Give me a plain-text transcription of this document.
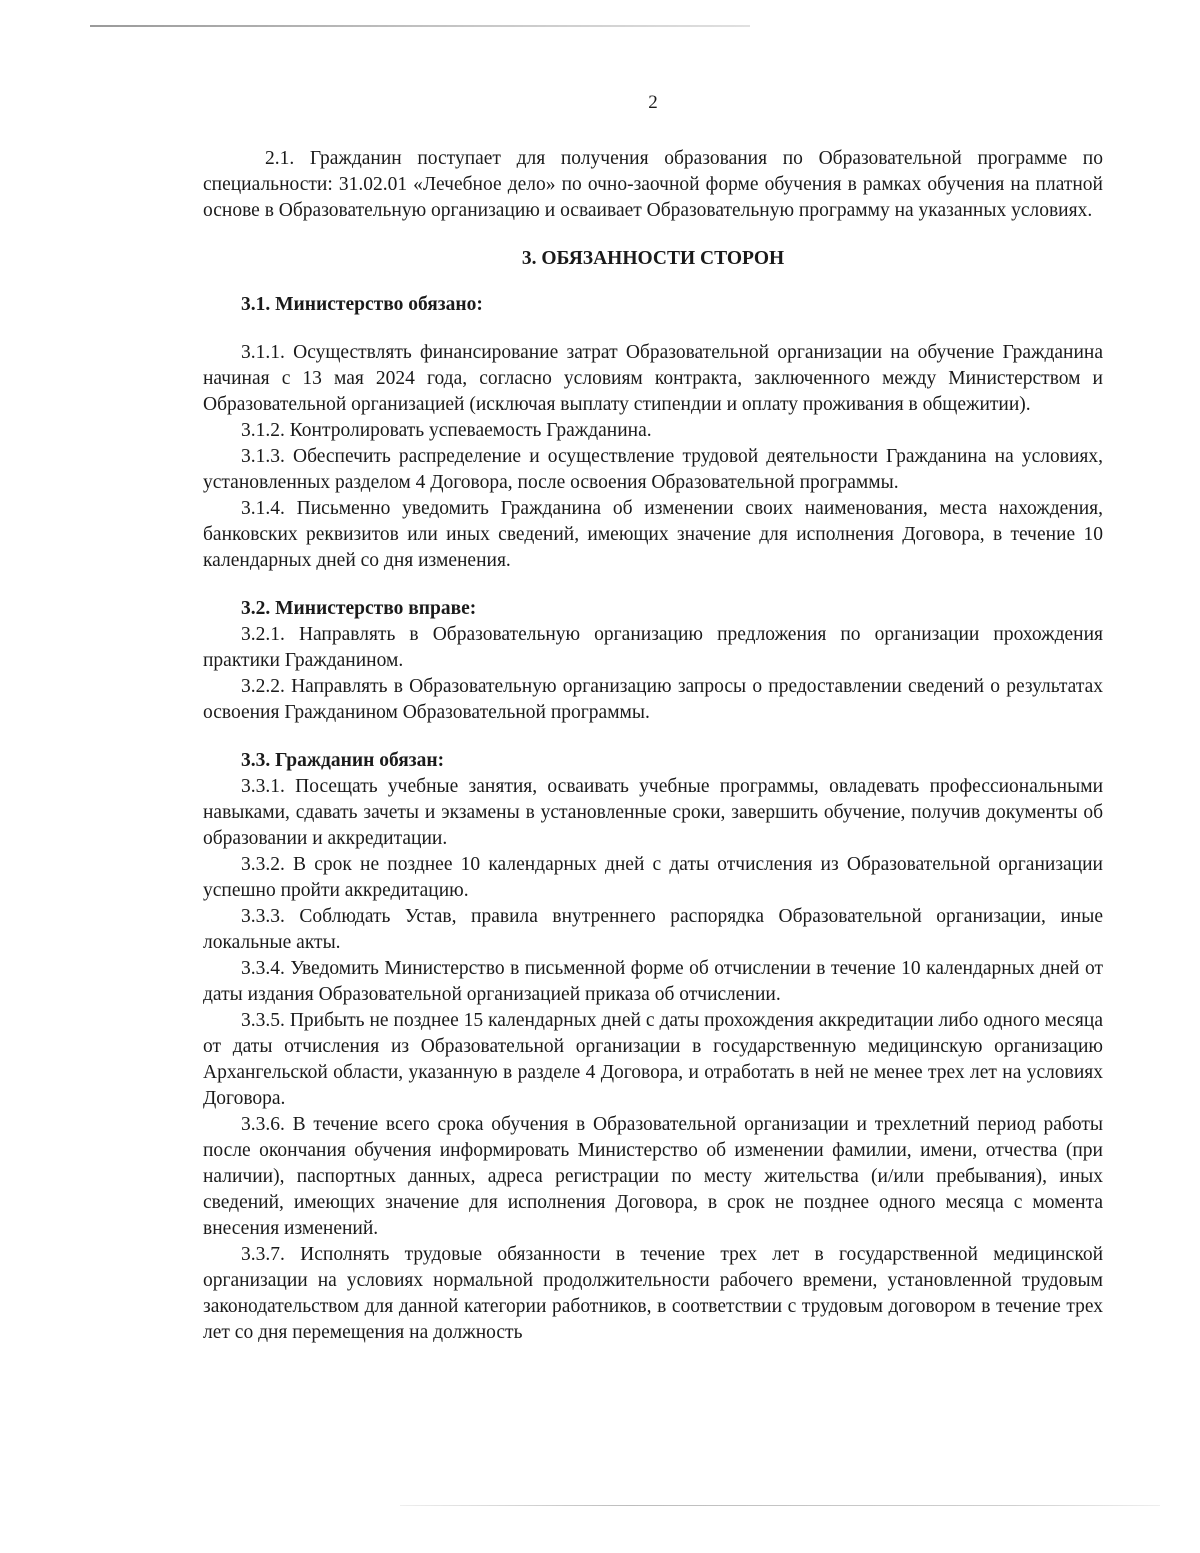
2

2.1. Гражданин поступает для получения образования по Образовательной программе по специальности: 31.02.01 «Лечебное дело» по очно-заочной форме обучения в рамках обучения на платной основе в Образовательную организацию и осваивает Образовательную программу на указанных условиях.

3. ОБЯЗАННОСТИ СТОРОН
3.1. Министерство обязано:

3.1.1. Осуществлять финансирование затрат Образовательной организации на обучение Гражданина начиная с 13 мая 2024 года, согласно условиям контракта, заключенного между Министерством и Образовательной организацией (исключая выплату стипендии и оплату проживания в общежитии).

3.1.2. Контролировать успеваемость Гражданина.

3.1.3. Обеспечить распределение и осуществление трудовой деятельности Гражданина на условиях, установленных разделом 4 Договора, после освоения Образовательной программы.

3.1.4. Письменно уведомить Гражданина об изменении своих наименования, места нахождения, банковских реквизитов или иных сведений, имеющих значение для исполнения Договора, в течение 10 календарных дней со дня изменения.

3.2. Министерство вправе:

3.2.1. Направлять в Образовательную организацию предложения по организации прохождения практики Гражданином.

3.2.2. Направлять в Образовательную организацию запросы о предоставлении сведений о результатах освоения Гражданином Образовательной программы.

3.3. Гражданин обязан:

3.3.1. Посещать учебные занятия, осваивать учебные программы, овладевать профессиональными навыками, сдавать зачеты и экзамены в установленные сроки, завершить обучение, получив документы об образовании и аккредитации.

3.3.2. В срок не позднее 10 календарных дней с даты отчисления из Образовательной организации успешно пройти аккредитацию.

3.3.3. Соблюдать Устав, правила внутреннего распорядка Образовательной организации, иные локальные акты.

3.3.4. Уведомить Министерство в письменной форме об отчислении в течение 10 календарных дней от даты издания Образовательной организацией приказа об отчислении.

3.3.5. Прибыть не позднее 15 календарных дней с даты прохождения аккредитации либо одного месяца от даты отчисления из Образовательной организации в государственную медицинскую организацию Архангельской области, указанную в разделе 4 Договора, и отработать в ней не менее трех лет на условиях Договора.

3.3.6. В течение всего срока обучения в Образовательной организации и трехлетний период работы после окончания обучения информировать Министерство об изменении фамилии, имени, отчества (при наличии), паспортных данных, адреса регистрации по месту жительства (и/или пребывания), иных сведений, имеющих значение для исполнения Договора, в срок не позднее одного месяца с момента внесения изменений.

3.3.7. Исполнять трудовые обязанности в течение трех лет в государственной медицинской организации на условиях нормальной продолжительности рабочего времени, установленной трудовым законодательством для данной категории работников, в соответствии с трудовым договором в течение трех лет со дня перемещения на должность
